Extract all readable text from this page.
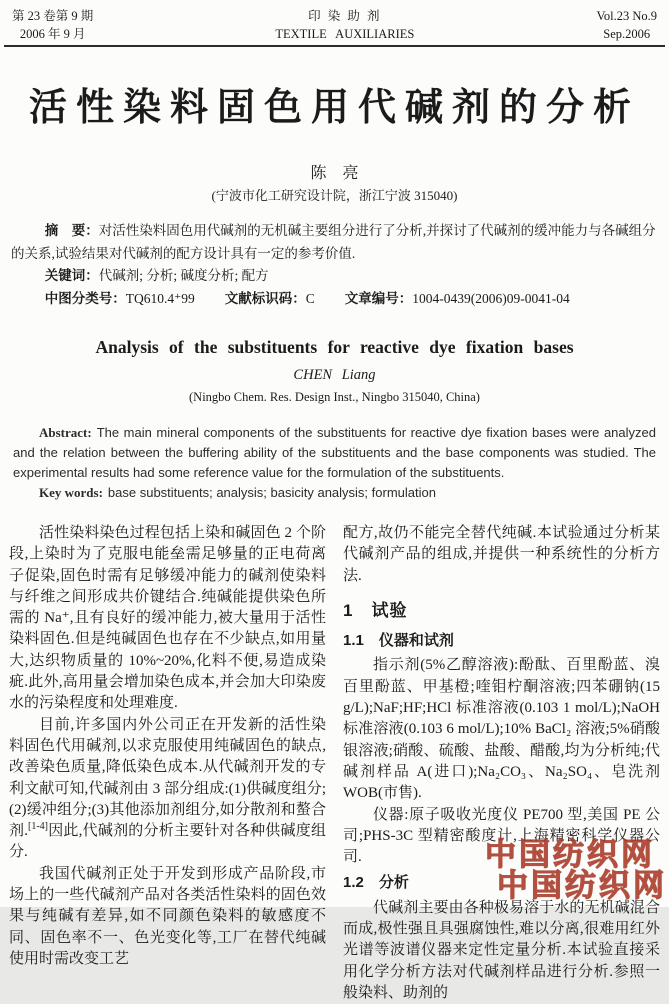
第 23 卷第 9 期
2006 年 9 月
印 染 助 剂
TEXTILE AUXILIARIES
Vol.23 No.9
Sep.2006
活性染料固色用代碱剂的分析
陈　亮
(宁波市化工研究设计院，浙江宁波 315040)

摘　要：对活性染料固色用代碱剂的无机碱主要组分进行了分析,并探讨了代碱剂的缓冲能力与各碱组分的关系,试验结果对代碱剂的配方设计具有一定的参考价值.

关键词：代碱剂; 分析; 碱度分析; 配方

中图分类号：TQ610.4⁺99 文献标识码：C 文章编号：1004-0439(2006)09-0041-04

Analysis of the substituents for reactive dye fixation bases
CHEN Liang
(Ningbo Chem. Res. Design Inst., Ningbo 315040, China)

Abstract: The main mineral components of the substituents for reactive dye fixation bases were analyzed and the relation between the buffering ability of the substituents and the base components was studied. The experimental results had some reference value for the formulation of the substituents.

Key words: base substituents; analysis; basicity analysis; formulation

活性染料染色过程包括上染和碱固色 2 个阶段,上染时为了克服电能垒需足够量的正电荷离子促染,固色时需有足够缓冲能力的碱剂使染料与纤维之间形成共价键结合.纯碱能提供染色所需的 Na⁺,且有良好的缓冲能力,被大量用于活性染料固色.但是纯碱固色也存在不少缺点,如用量大,达织物质量的 10%~20%,化料不便,易造成染疵.此外,高用量会增加染色成本,并会加大印染废水的污染程度和处理难度.

目前,许多国内外公司正在开发新的活性染料固色代用碱剂,以求克服使用纯碱固色的缺点,改善染色质量,降低染色成本.从代碱剂开发的专利文献可知,代碱剂由 3 部分组成:(1)供碱度组分;(2)缓冲组分;(3)其他添加剂组分,如分散剂和螯合剂.[1-4]因此,代碱剂的分析主要针对各种供碱度组分.

我国代碱剂正处于开发到形成产品阶段,市场上的一些代碱剂产品对各类活性染料的固色效果与纯碱有差异,如不同颜色染料的敏感度不同、固色率不一、色光变化等,工厂在替代纯碱使用时需改变工艺

配方,故仍不能完全替代纯碱.本试验通过分析某代碱剂产品的组成,并提供一种系统性的分析方法.

1　试验
1.1　仪器和试剂

指示剂(5%乙醇溶液):酚酞、百里酚蓝、溴百里酚蓝、甲基橙;喹钼柠酮溶液;四苯硼钠(15 g/L);NaF;HF;HCl 标准溶液(0.103 1 mol/L);NaOH 标准溶液(0.103 6 mol/L);10% BaCl₂ 溶液;5%硝酸银溶液;硝酸、硫酸、盐酸、醋酸,均为分析纯;代碱剂样品 A(进口);Na₂CO₃、Na₂SO₄、皂洗剂 WOB(市售).

仪器:原子吸收光度仪 PE700 型,美国 PE 公司;PHS-3C 型精密酸度计,上海精密科学仪器公司.

1.2　分析

代碱剂主要由各种极易溶于水的无机碱混合而成,极性强且具强腐蚀性,难以分离,很难用红外光谱等波谱仪器来定性定量分析.本试验直接采用化学分析方法对代碱剂样品进行分析.参照一般染料、助剂的

中国纺织网
中国纺织网
